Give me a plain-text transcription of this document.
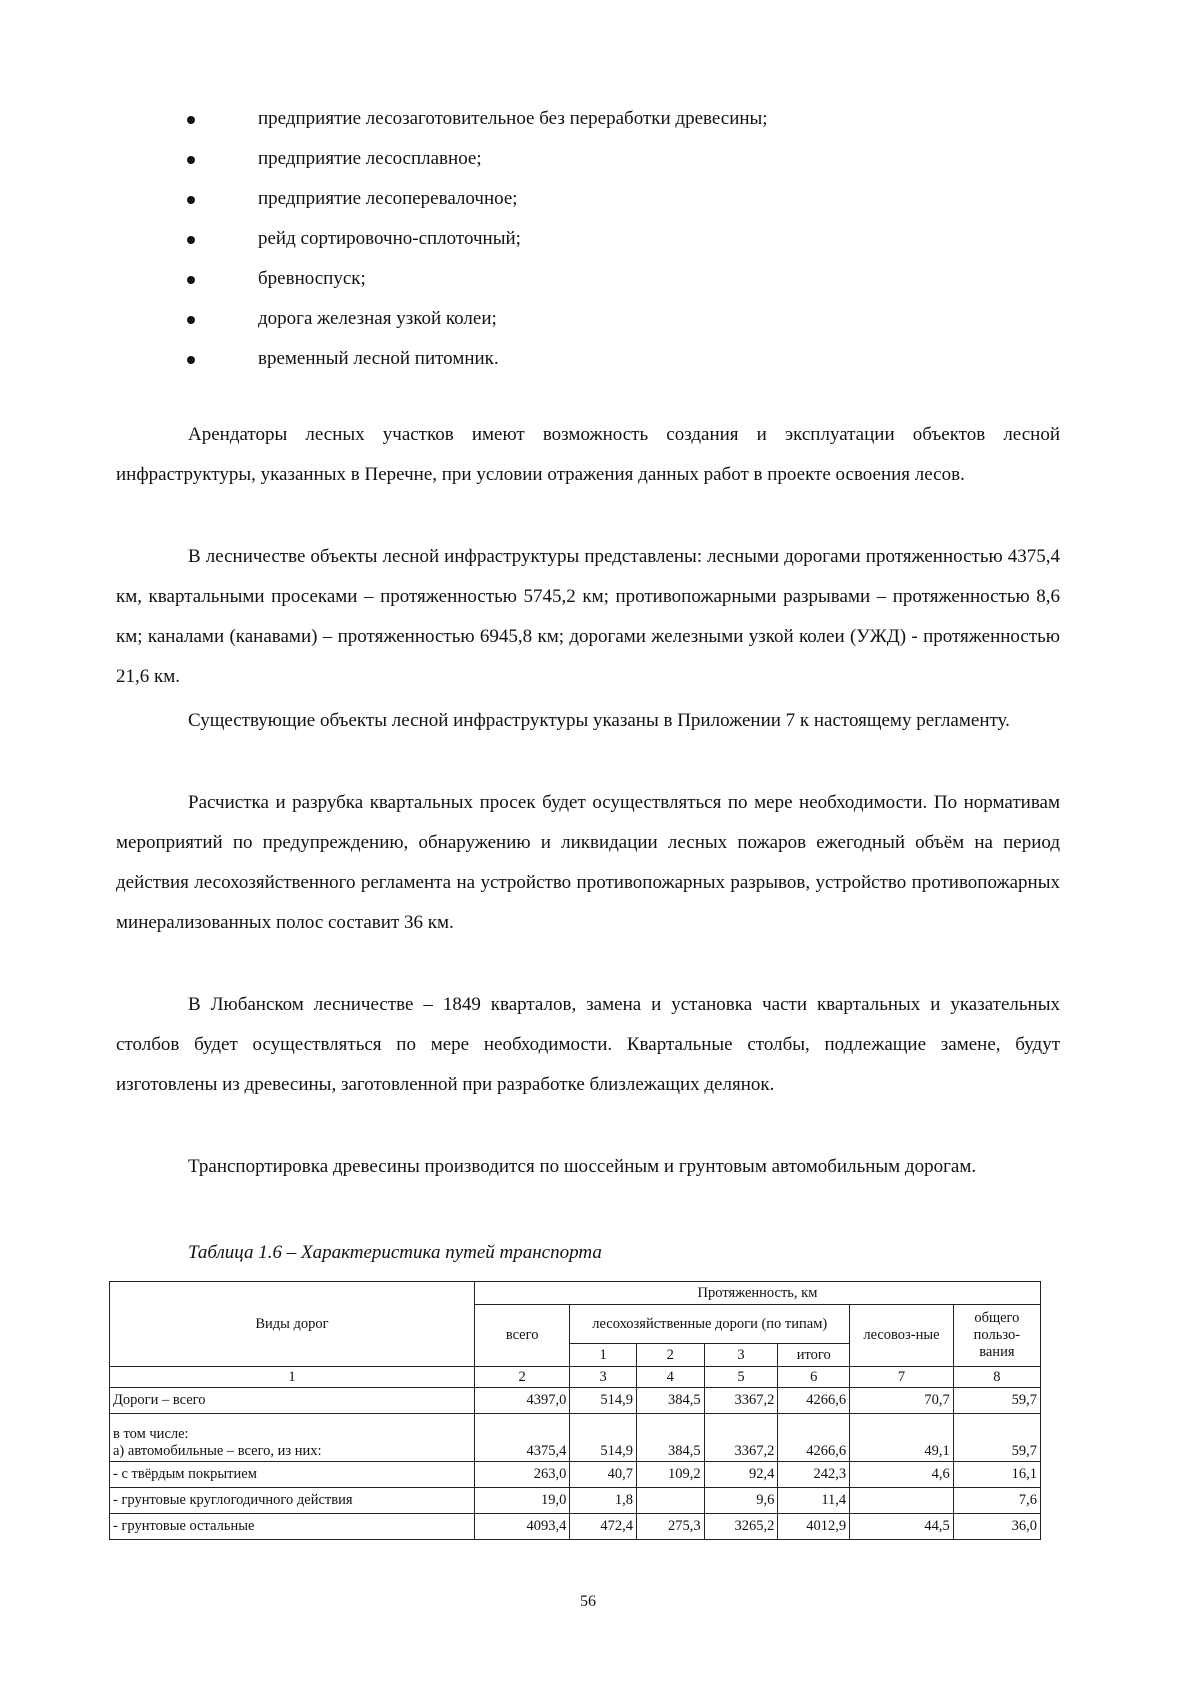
предприятие лесозаготовительное без переработки древесины;
предприятие лесосплавное;
предприятие лесоперевалочное;
рейд сортировочно-сплоточный;
бревноспуск;
дорога железная узкой колеи;
временный лесной питомник.

Арендаторы лесных участков имеют возможность создания и эксплуатации объектов лесной инфраструктуры, указанных в Перечне, при условии отражения данных работ в проекте освоения лесов.

В лесничестве объекты лесной инфраструктуры представлены: лесными дорогами протяженностью 4375,4 км, квартальными просеками – протяженностью 5745,2 км; противопожарными разрывами – протяженностью 8,6 км; каналами (канавами) – протяженностью 6945,8 км; дорогами железными узкой колеи (УЖД) - протяженностью 21,6 км.

Существующие объекты лесной инфраструктуры указаны в Приложении 7 к настоящему регламенту.

Расчистка и разрубка квартальных просек будет осуществляться по мере необходимости. По нормативам мероприятий по предупреждению, обнаружению и ликвидации лесных пожаров ежегодный объём на период действия лесохозяйственного регламента на устройство противопожарных разрывов, устройство противопожарных минерализованных полос составит 36 км.

В Любанском лесничестве – 1849 кварталов, замена и установка части квартальных и указательных столбов будет осуществляться по мере необходимости. Квартальные столбы, подлежащие замене, будут изготовлены из древесины, заготовленной при разработке близлежащих делянок.

Транспортировка древесины производится по шоссейным и грунтовым автомобильным дорогам.

Таблица 1.6 – Характеристика путей транспорта

Виды дорог	Протяженность, км						
	всего	лесохозяйственные дороги (по типам)				лесовоз-ные	общего пользо-вания
		1	2	3	итого		
1	2	3	4	5	6	7	8
Дороги – всего	4397,0	514,9	384,5	3367,2	4266,6	70,7	59,7

в том числе:
а) автомобильные – всего, из них:	4375,4	514,9	384,5	3367,2	4266,6	49,1	59,7
- с твёрдым покрытием	263,0	40,7	109,2	92,4	242,3	4,6	16,1
- грунтовые круглогодичного действия	19,0	1,8		9,6	11,4		7,6
- грунтовые остальные	4093,4	472,4	275,3	3265,2	4012,9	44,5	36,0

56
